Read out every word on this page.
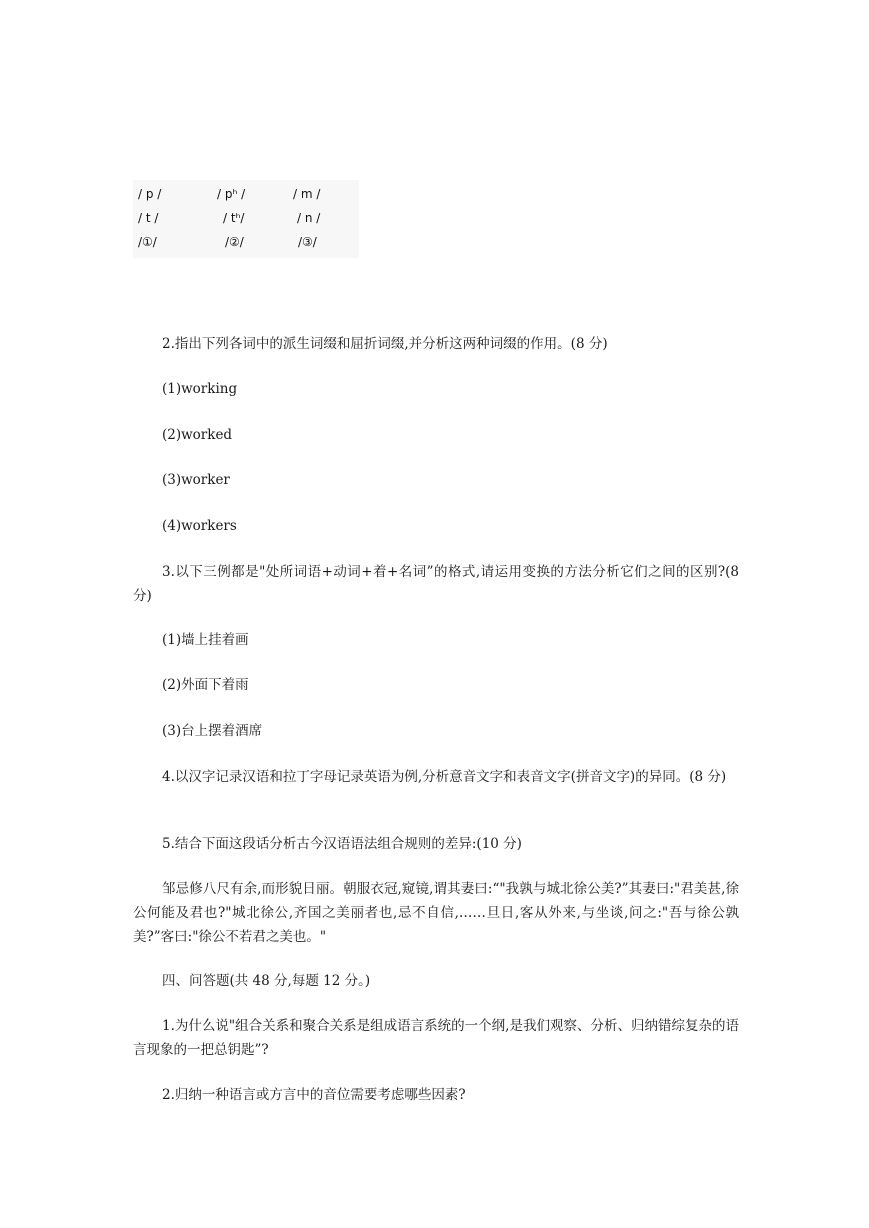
/ p /	/ pʰ /	/ m /
/ t /	/ tʰ/	/ n /
/①/	/②/	/③/

2.指出下列各词中的派生词缀和屈折词缀,并分析这两种词缀的作用。(8 分)

(1)working

(2)worked

(3)worker

(4)workers

3.以下三例都是"处所词语+动词+着+名词”的格式,请运用变换的方法分析它们之间的区别?(8 分)

(1)墙上挂着画

(2)外面下着雨

(3)台上摆着酒席

4.以汉字记录汉语和拉丁字母记录英语为例,分析意音文字和表音文字(拼音文字)的异同。(8 分)

5.结合下面这段话分析古今汉语语法组合规则的差异:(10 分)

邹忌修八尺有余,而形貌日丽。朝服衣冠,窥镜,谓其妻曰:“"我孰与城北徐公美?”其妻曰:"君美甚,徐公何能及君也?"城北徐公,齐国之美丽者也,忌不自信,……旦日,客从外来,与坐谈,问之:"吾与徐公孰美?”客曰:"徐公不若君之美也。"

四、问答题(共 48 分,每题 12 分。)

1.为什么说"组合关系和聚合关系是组成语言系统的一个纲,是我们观察、分析、归纳错综复杂的语言现象的一把总钥匙”?

2.归纳一种语言或方言中的音位需要考虑哪些因素?
